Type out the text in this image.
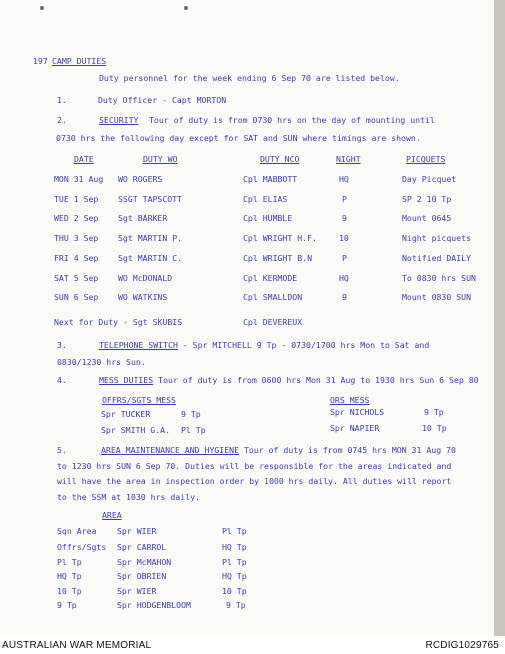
197 CAMP DUTIES
Duty personnel for the week ending 6 Sep 70 are listed below.
1.	Duty Officer - Capt MORTON
2.	SECURITY Tour of duty is from 0730 hrs on the day of mounting until
0730 hrs the following day except for SAT and SUN where timings are shown.
DATE	DUTY WO	DUTY NCO	NIGHT	PICQUETS
MON 31 Aug WO ROGERS	Cpl MABBOTT	HQ	Day Picquet
TUE 1 Sep SSGT TAPSCOTT	Cpl ELIAS	P	SP 2 10 Tp
WED 2 Sep Sgt BARKER	Cpl HUMBLE	9	Mount 0645
THU 3 Sep Sgt MARTIN P.	Cpl WRIGHT H.F.	10	Night picquets
FRI 4 Sep Sgt MARTIN C.	Cpl WRIGHT B.N	P	Notified DAILY
SAT 5 Sep WO McDONALD	Cpl KERMODE	HQ	To 0830 hrs SUN
SUN 6 Sep WO WATKINS	Cpl SMALLDON	9	Mount 0830 SUN
Next for Duty - Sgt SKUBIS	Cpl DEVEREUX
3.	TELEPHONE SWITCH - Spr MITCHELL 9 Tp - 0730/1700 hrs Mon to Sat and
0830/1230 hrs Sun.
4.	MESS DUTIES Tour of duty is from 0600 hrs Mon 31 Aug to 1930 hrs Sun 6 Sep 80
OFFRS/SGTS MESS	ORS MESS
Spr TUCKER	9 Tp
Spr SMITH G.A. Pl Tp
Spr NICHOLS	9 Tp
Spr NAPIER	10 Tp
5.	AREA MAINTENANCE AND HYGIENE Tour of duty is from 0745 hrs MON 31 Aug 70
to 1230 hrs SUN 6 Sep 70. Duties will be responsible for the areas indicated and
will have the area in inspection order by 1000 hrs daily. All duties will report
to the SSM at 1030 hrs daily.
AREA
Sqn Area	Spr WIER	Pl Tp
Offrs/Sgts Spr CARROL	HQ Tp
Pl Tp	Spr McMAHON	Pl Tp
HQ Tp	Spr OBRIEN	HQ Tp
10 Tp	Spr WIER	10 Tp
9 Tp	Spr HODGENBLOOM	9 Tp
AUSTRALIAN WAR MEMORIAL	RCDIG1029765
